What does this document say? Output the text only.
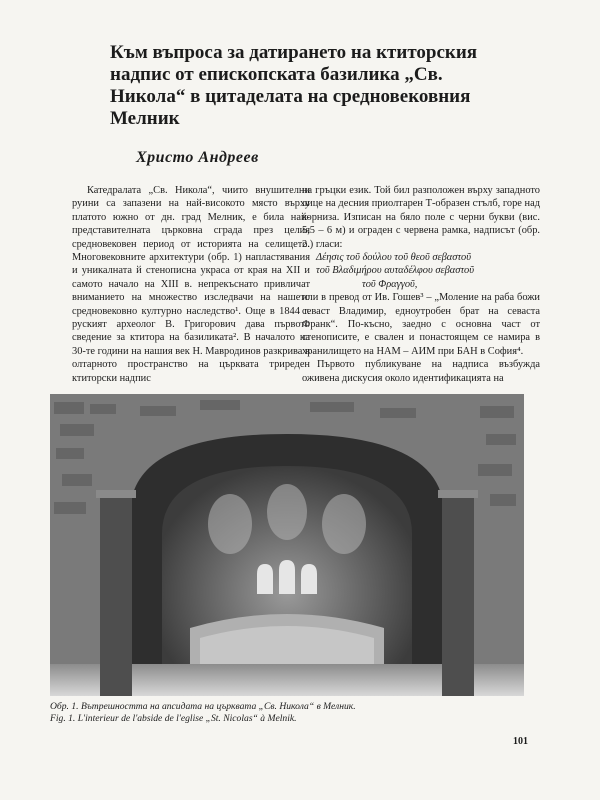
Към въпроса за датирането на ктиторския
надпис от епископската базилика „Св.
Никола“ в цитаделата на средновековния
Мелник
Христо Андреев

Катедралата „Св. Никола“, чиито внушителни руини са запазени на най-високото място върху платото южно от дн. град Мелник, е била най-представителната църковна сграда през целия средновековен период от историята на селището. Многовековните архитектури (обр. 1) напластявания и уникалната й стенописна украса от края на XII и самото начало на XIII в. непрекъснато привличат вниманието на множество изследвачи на нашето средновековно културно наследство¹. Още в 1844 г. руският археолог В. Григорович дава първото сведение за ктитора на базиликата². В началото на 30-те години на нашия век Н. Мавродинов разкрива в олтарното пространство на църквата триреден ктиторски надпис

на гръцки език. Той бил разположен върху западното лице на десния приолтарен Т-образен стълб, горе над корниза. Изписан на бяло поле с черни букви (вис. 5,5 – 6 м) и ограден с червена рамка, надписът (обр. 2.) гласи:

Δέησις τοῦ δούλου τοῦ θεοῦ σεβαστοῦ
τοῦ Βλαδιμήρου αυταδέλφου σεβαστοῦ
τοῦ Φραγγοῦ,

или в превод от Ив. Гошев³ – „Моление на раба божи севаст Владимир, едноутробен брат на севаста Франк“. По-късно, заедно с основна част от стенописите, е свален и понастоящем се намира в хранилището на НАМ – АИМ при БАН в София⁴.

Първото публикуване на надписа възбужда оживена дискусия около идентификацията на

Обр. 1. Вътрешността на апсидата на църквата „Св. Никола“ в Мелник.
Fig. 1. L'interieur de l'abside de l'eglise „St. Nicolas“ à Melnik.
101
